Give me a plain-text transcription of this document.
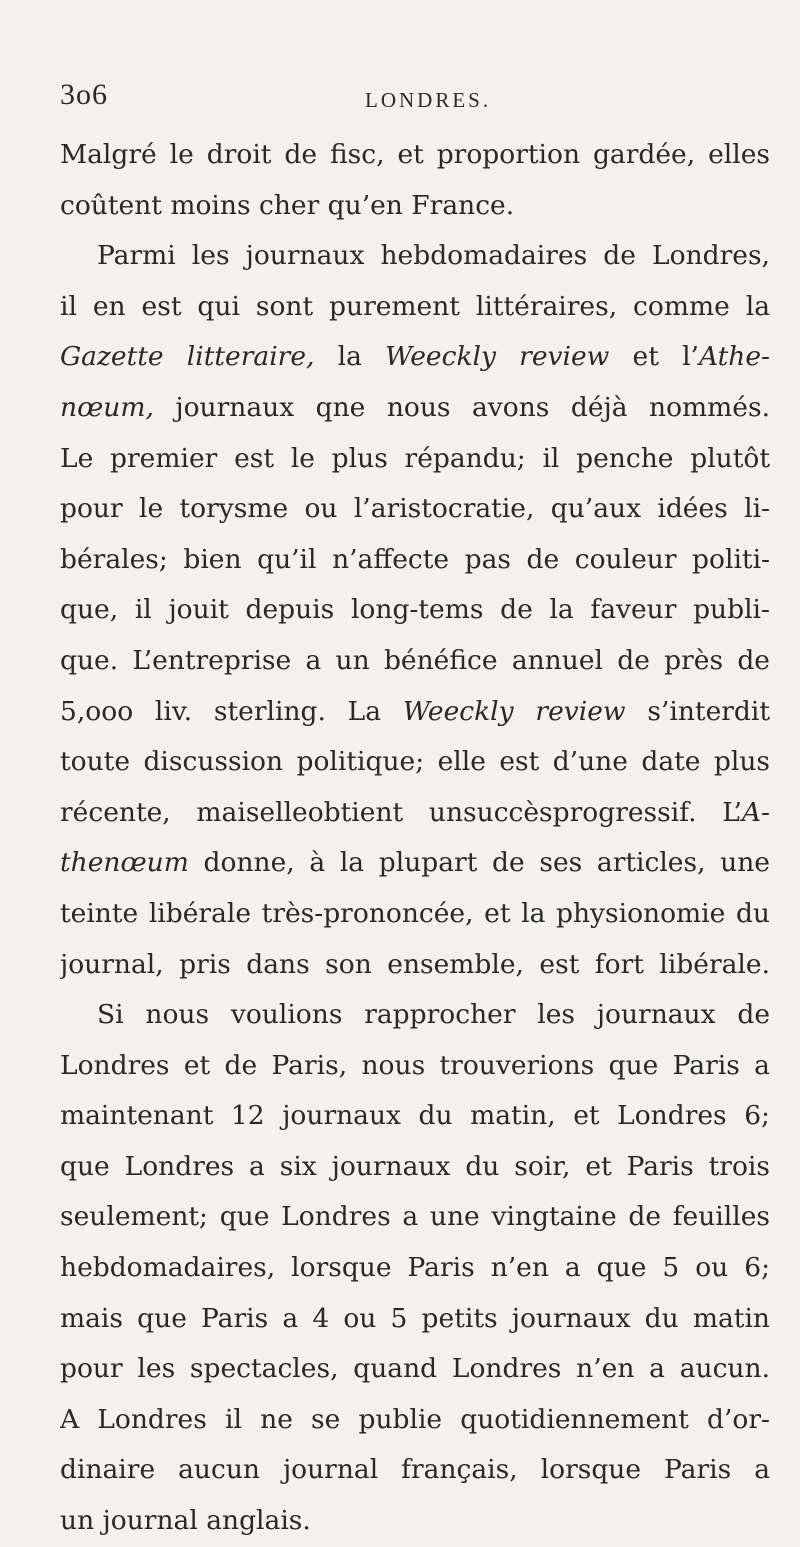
3o6	LONDRES.
Malgré le droit de fisc, et proportion gardée, elles
coûtent moins cher qu’en France.
Parmi les journaux hebdomadaires de Londres,
il en est qui sont purement littéraires, comme la
Gazette litteraire, la Weeckly review et l’Athe-
nœum, journaux qne nous avons déjà nommés.
Le premier est le plus répandu; il penche plutôt
pour le torysme ou l’aristocratie, qu’aux idées li-
bérales; bien qu’il n’affecte pas de couleur politi-
que, il jouit depuis long-tems de la faveur publi-
que. L’entreprise a un bénéfice annuel de près de
5,ooo liv. sterling. La Weeckly review s’interdit
toute discussion politique; elle est d’une date plus
récente, maiselleobtient unsuccèsprogressif. L’A-
thenœum donne, à la plupart de ses articles, une
teinte libérale très-prononcée, et la physionomie du
journal, pris dans son ensemble, est fort libérale.
Si nous voulions rapprocher les journaux de
Londres et de Paris, nous trouverions que Paris a
maintenant 12 journaux du matin, et Londres 6;
que Londres a six journaux du soir, et Paris trois
seulement; que Londres a une vingtaine de feuilles
hebdomadaires, lorsque Paris n’en a que 5 ou 6;
mais que Paris a 4 ou 5 petits journaux du matin
pour les spectacles, quand Londres n’en a aucun.
A Londres il ne se publie quotidiennement d’or-
dinaire aucun journal français, lorsque Paris a
un journal anglais.
